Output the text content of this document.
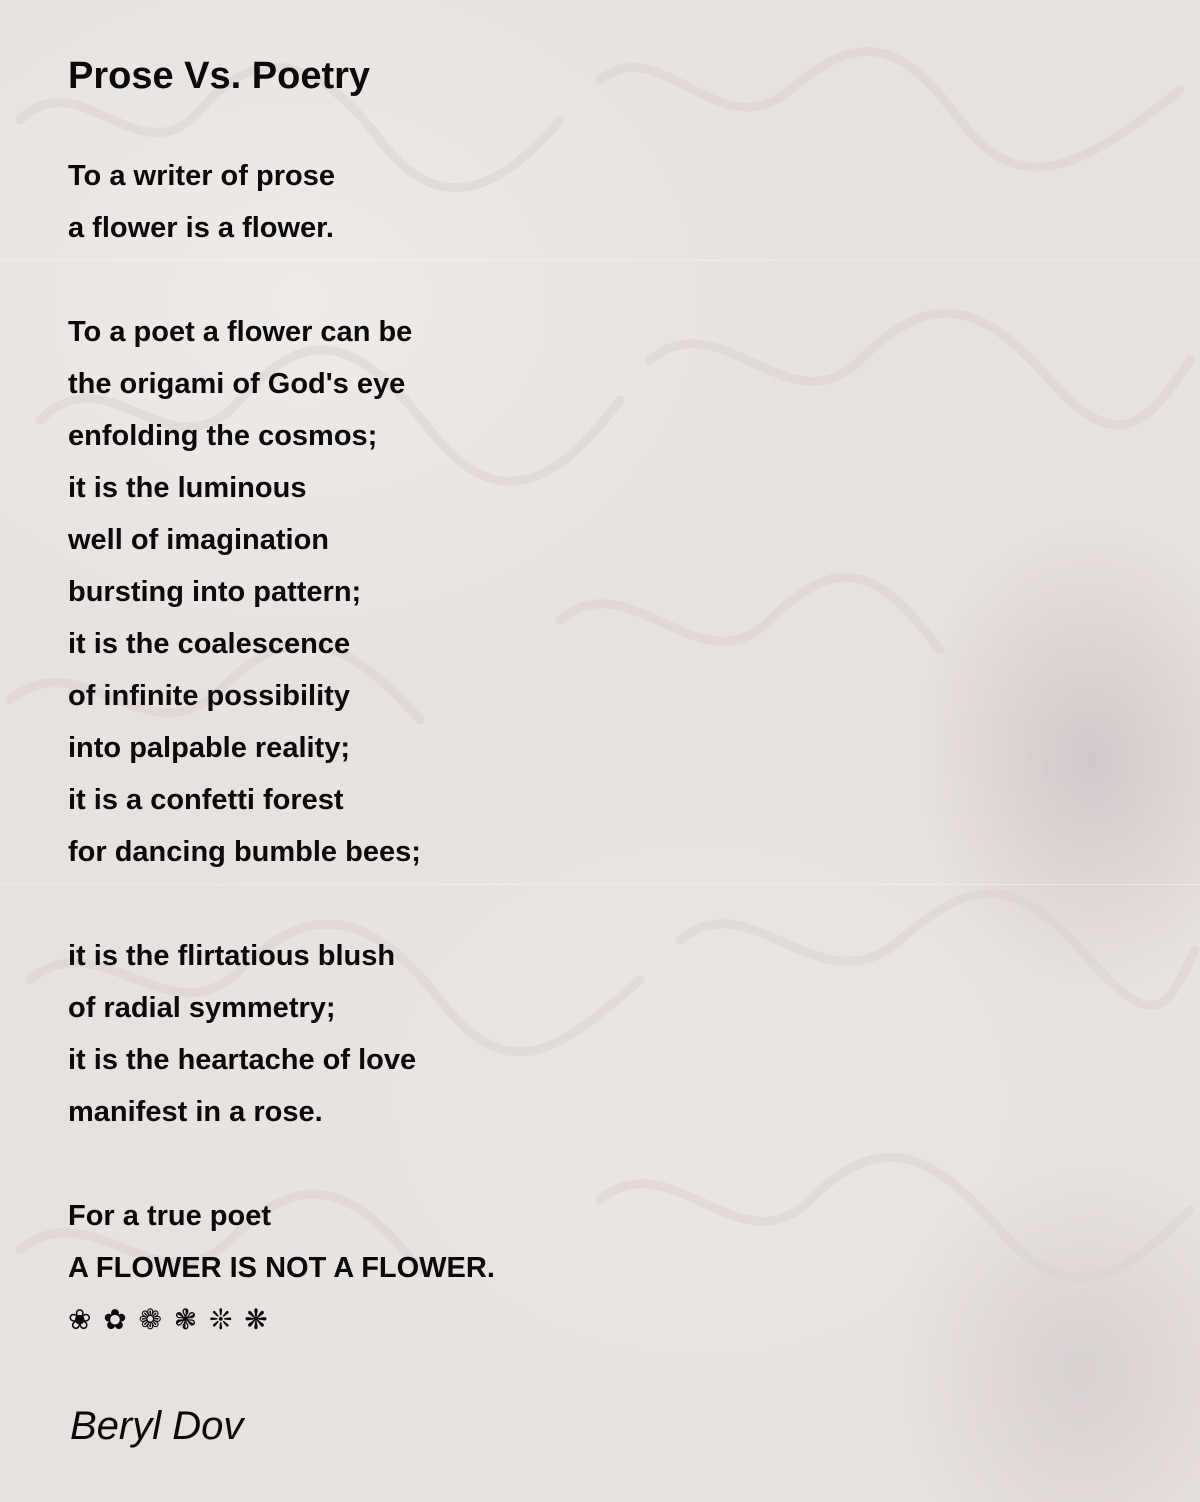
Prose Vs. Poetry
To a writer of prose
a flower is a flower.
To a poet a flower can be
the origami of God's eye
enfolding the cosmos;
it is the luminous
well of imagination
bursting into pattern;
it is the coalescence
of infinite possibility
into palpable reality;
it is a confetti forest
for dancing bumble bees;
it is the flirtatious blush
of radial symmetry;
it is the heartache of love
manifest in a rose.
For a true poet
A FLOWER IS NOT A FLOWER.
❀ ✿ ❁ ❃ ❊ ❋
Beryl Dov
